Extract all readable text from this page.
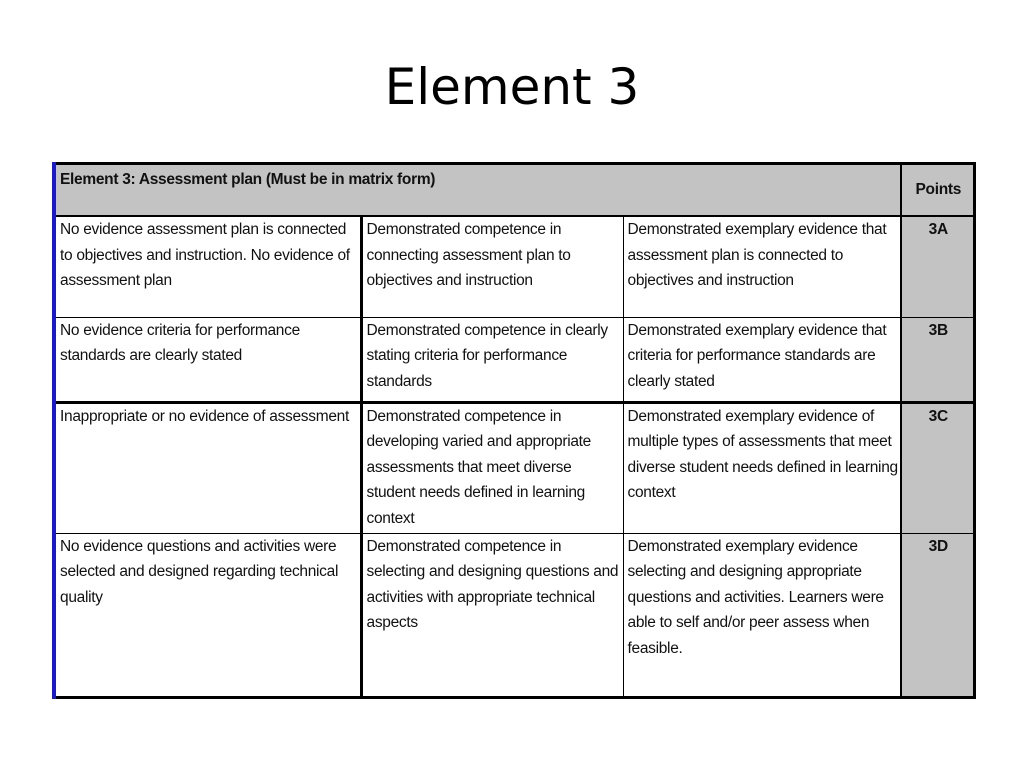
Element 3
Element 3: Assessment plan (Must be in matrix form)			Points
No evidence assessment plan is connected to objectives and instruction. No evidence of assessment plan	Demonstrated competence in connecting assessment plan to objectives and instruction	Demonstrated exemplary evidence that assessment plan is connected to objectives and instruction	3A
No evidence criteria for performance standards are clearly stated	Demonstrated competence in clearly stating criteria for performance standards	Demonstrated exemplary evidence that criteria for performance standards are clearly stated	3B
Inappropriate or no evidence of assessment	Demonstrated competence in developing varied and appropriate assessments that meet diverse student needs defined in learning context	Demonstrated exemplary evidence of multiple types of assessments that meet diverse student needs defined in learning context	3C
No evidence questions and activities were selected and designed regarding technical quality	Demonstrated competence in selecting and designing questions and activities with appropriate technical aspects	Demonstrated exemplary evidence selecting and designing appropriate questions and activities. Learners were able to self and/or peer assess when feasible.	3D
